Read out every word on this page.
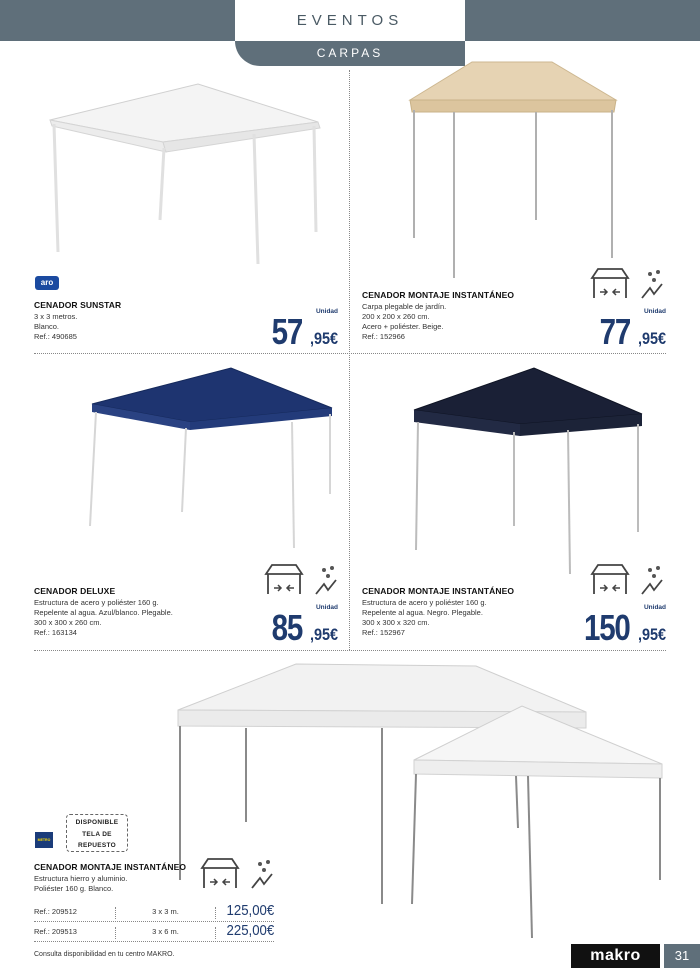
EVENTOS
CARPAS
aro
METRO
CENADOR SUNSTAR
3 x 3 metros.
Blanco.
Ref.: 490685
Unidad
57 ,95€
CENADOR MONTAJE INSTANTÁNEO
Carpa plegable de jardín.
200 x 200 x 260 cm.
Acero + poliéster. Beige.
Ref.: 152966
Unidad
77 ,95€
CENADOR DELUXE
Estructura de acero y poliéster 160 g.
Repelente al agua. Azul/blanco. Plegable.
300 x 300 x 260 cm.
Ref.: 163134
Unidad
85 ,95€
CENADOR MONTAJE INSTANTÁNEO
Estructura de acero y poliéster 160 g.
Repelente al agua. Negro. Plegable.
300 x 300 x 320 cm.
Ref.: 152967
Unidad
150 ,95€
DISPONIBLE
TELA DE
REPUESTO
CENADOR MONTAJE INSTANTÁNEO
Estructura hierro y aluminio.
Poliéster 160 g. Blanco.
Ref.: 209512	3 x 3 m.	125,00€
Ref.: 209513	3 x 6 m.	225,00€
Consulta disponibilidad en tu centro MAKRO.	makro	31
